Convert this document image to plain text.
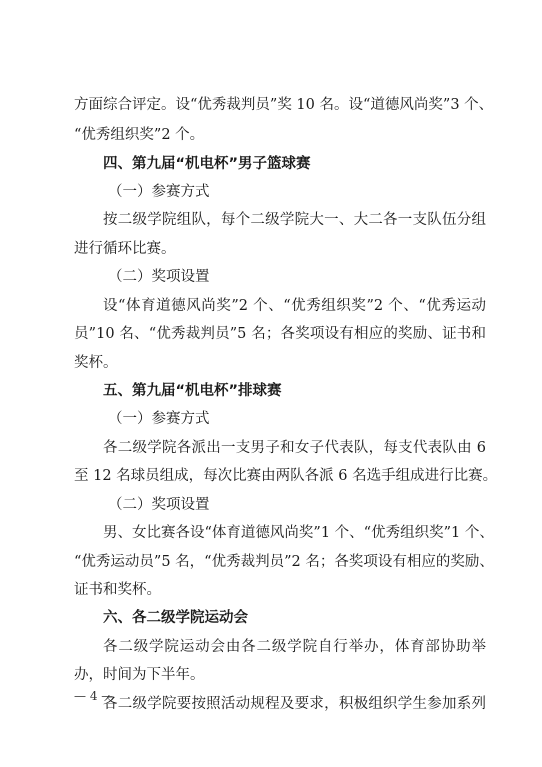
方面综合评定。设“优秀裁判员”奖 10 名。设“道德风尚奖”3 个、
“优秀组织奖”2 个。
四、第九届“机电杯”男子篮球赛
（一）参赛方式
按二级学院组队，每个二级学院大一、大二各一支队伍分组
进行循环比赛。
（二）奖项设置
设“体育道德风尚奖”2 个、“优秀组织奖”2 个、“优秀运动
员”10 名、“优秀裁判员”5 名；各奖项设有相应的奖励、证书和
奖杯。
五、第九届“机电杯”排球赛
（一）参赛方式
各二级学院各派出一支男子和女子代表队，每支代表队由 6
至 12 名球员组成，每次比赛由两队各派 6 名选手组成进行比赛。
（二）奖项设置
男、女比赛各设“体育道德风尚奖”1 个、“优秀组织奖”1 个、
“优秀运动员”5 名，“优秀裁判员”2 名；各奖项设有相应的奖励、
证书和奖杯。
六、各二级学院运动会
各二级学院运动会由各二级学院自行举办，体育部协助举
办，时间为下半年。
各二级学院要按照活动规程及要求，积极组织学生参加系列
— 4 —
